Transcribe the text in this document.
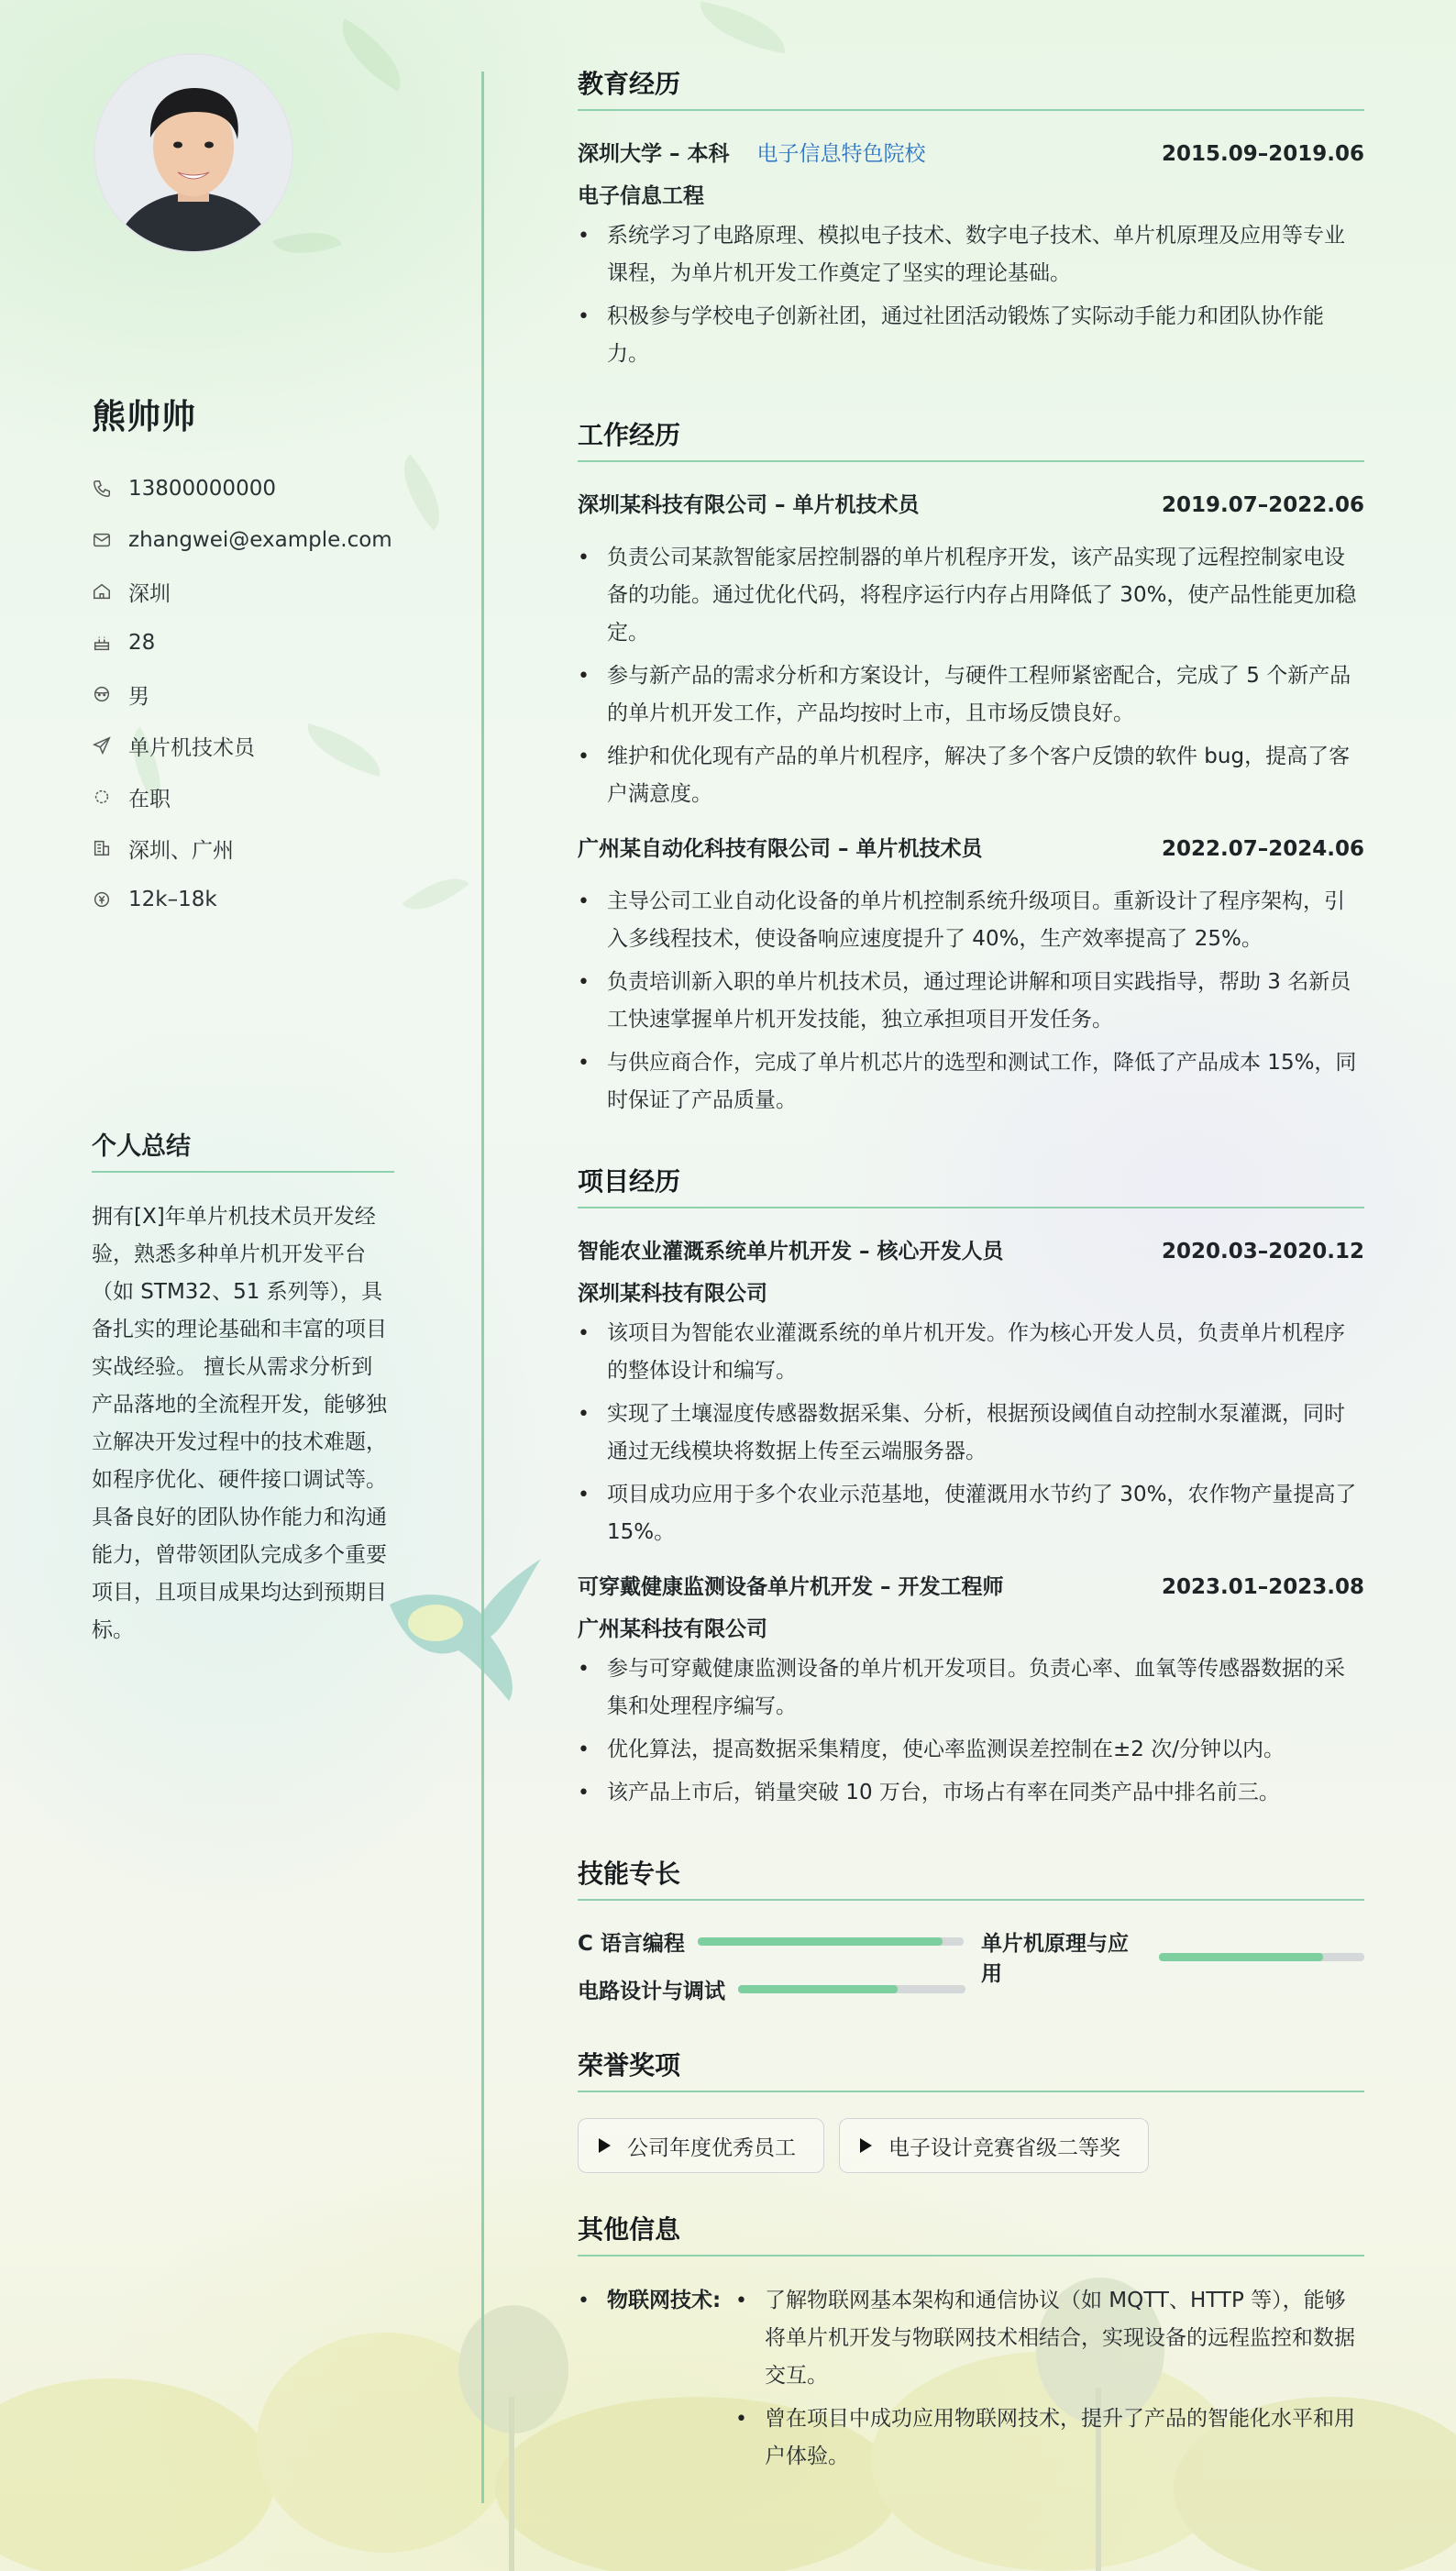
熊帅帅
13800000000
zhangwei@example.com
深圳
28
男
单片机技术员
在职
深圳、广州
12k–18k
个人总结
拥有[X]年单片机技术员开发经验，熟悉多种单片机开发平台（如 STM32、51 系列等），具备扎实的理论基础和丰富的项目实战经验。 擅长从需求分析到产品落地的全流程开发，能够独立解决开发过程中的技术难题，如程序优化、硬件接口调试等。 具备良好的团队协作能力和沟通能力，曾带领团队完成多个重要项目，且项目成果均达到预期目标。
教育经历
深圳大学 – 本科 电子信息特色院校	2015.09–2019.06
电子信息工程
• 系统学习了电路原理、模拟电子技术、数字电子技术、单片机原理及应用等专业课程，为单片机开发工作奠定了坚实的理论基础。
• 积极参与学校电子创新社团，通过社团活动锻炼了实际动手能力和团队协作能力。
工作经历
深圳某科技有限公司 – 单片机技术员	2019.07–2022.06
• 负责公司某款智能家居控制器的单片机程序开发，该产品实现了远程控制家电设备的功能。通过优化代码，将程序运行内存占用降低了 30%，使产品性能更加稳定。
• 参与新产品的需求分析和方案设计，与硬件工程师紧密配合，完成了 5 个新产品的单片机开发工作，产品均按时上市，且市场反馈良好。
• 维护和优化现有产品的单片机程序，解决了多个客户反馈的软件 bug，提高了客户满意度。
广州某自动化科技有限公司 – 单片机技术员	2022.07–2024.06
• 主导公司工业自动化设备的单片机控制系统升级项目。重新设计了程序架构，引入多线程技术，使设备响应速度提升了 40%，生产效率提高了 25%。
• 负责培训新入职的单片机技术员，通过理论讲解和项目实践指导，帮助 3 名新员工快速掌握单片机开发技能，独立承担项目开发任务。
• 与供应商合作，完成了单片机芯片的选型和测试工作，降低了产品成本 15%，同时保证了产品质量。
项目经历
智能农业灌溉系统单片机开发 – 核心开发人员	2020.03–2020.12
深圳某科技有限公司
• 该项目为智能农业灌溉系统的单片机开发。作为核心开发人员，负责单片机程序的整体设计和编写。
• 实现了土壤湿度传感器数据采集、分析，根据预设阈值自动控制水泵灌溉，同时通过无线模块将数据上传至云端服务器。
• 项目成功应用于多个农业示范基地，使灌溉用水节约了 30%，农作物产量提高了 15%。
可穿戴健康监测设备单片机开发 – 开发工程师	2023.01–2023.08
广州某科技有限公司
• 参与可穿戴健康监测设备的单片机开发项目。负责心率、血氧等传感器数据的采集和处理程序编写。
• 优化算法，提高数据采集精度，使心率监测误差控制在±2 次/分钟以内。
• 该产品上市后，销量突破 10 万台，市场占有率在同类产品中排名前三。
技能专长
C 语言编程	单片机原理与应用
电路设计与调试
荣誉奖项
公司年度优秀员工	电子设计竞赛省级二等奖
其他信息
•
物联网技术:
•	了解物联网基本架构和通信协议（如 MQTT、HTTP 等），能够将单片机开发与物联网技术相结合，实现设备的远程监控和数据交互。
• 曾在项目中成功应用物联网技术，提升了产品的智能化水平和用户体验。
